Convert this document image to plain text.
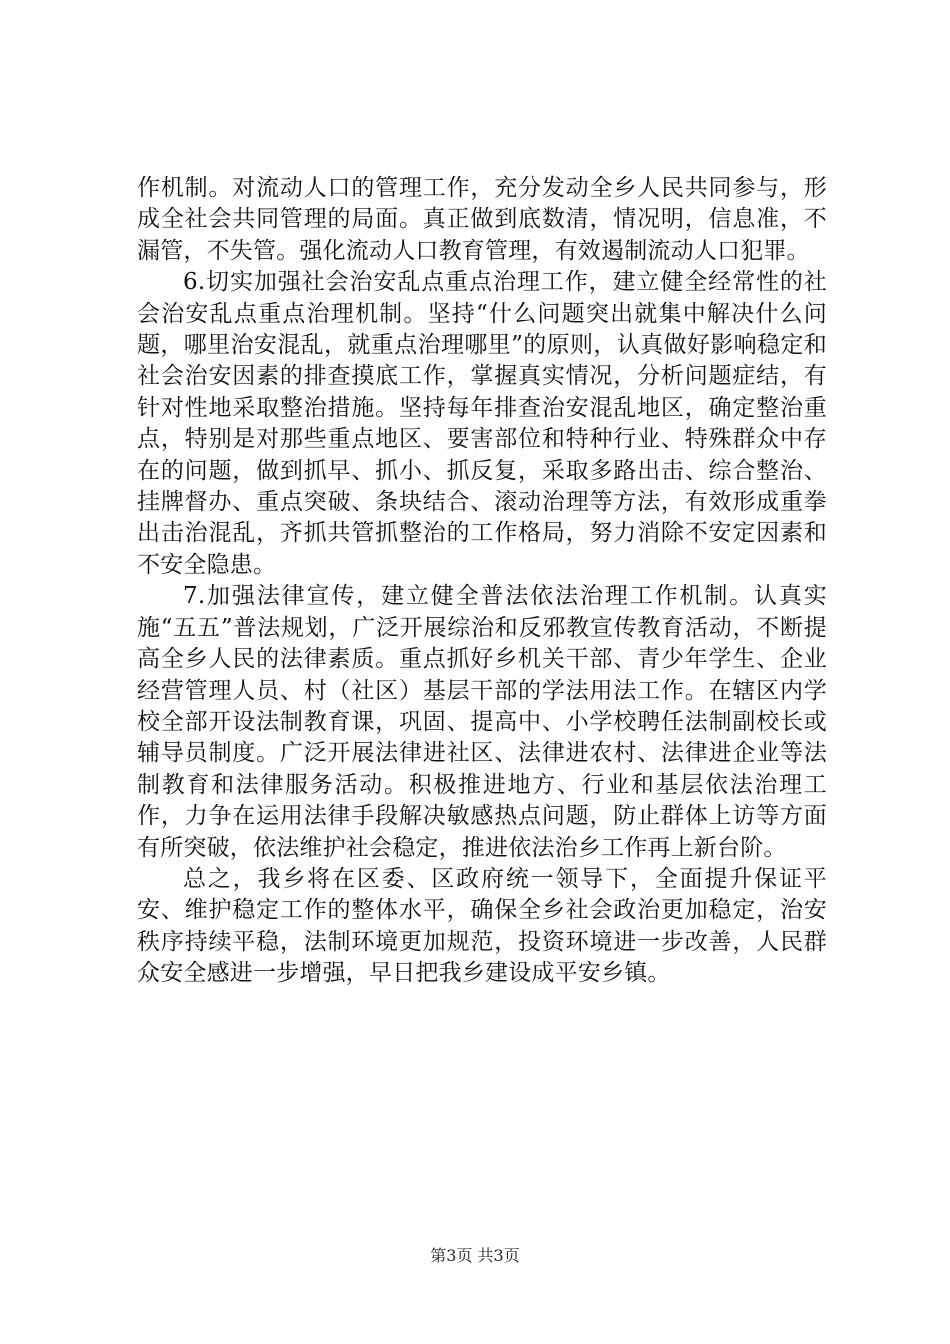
作机制。对流动人口的管理工作，充分发动全乡人民共同参与，形成全社会共同管理的局面。真正做到底数清，情况明，信息准，不漏管，不失管。强化流动人口教育管理，有效遏制流动人口犯罪。

6.切实加强社会治安乱点重点治理工作，建立健全经常性的社会治安乱点重点治理机制。坚持“什么问题突出就集中解决什么问题，哪里治安混乱，就重点治理哪里”的原则，认真做好影响稳定和社会治安因素的排查摸底工作，掌握真实情况，分析问题症结，有针对性地采取整治措施。坚持每年排查治安混乱地区，确定整治重点，特别是对那些重点地区、要害部位和特种行业、特殊群众中存在的问题，做到抓早、抓小、抓反复，采取多路出击、综合整治、挂牌督办、重点突破、条块结合、滚动治理等方法，有效形成重拳出击治混乱，齐抓共管抓整治的工作格局，努力消除不安定因素和不安全隐患。

7.加强法律宣传，建立健全普法依法治理工作机制。认真实施“五五”普法规划，广泛开展综治和反邪教宣传教育活动，不断提高全乡人民的法律素质。重点抓好乡机关干部、青少年学生、企业经营管理人员、村（社区）基层干部的学法用法工作。在辖区内学校全部开设法制教育课，巩固、提高中、小学校聘任法制副校长或辅导员制度。广泛开展法律进社区、法律进农村、法律进企业等法制教育和法律服务活动。积极推进地方、行业和基层依法治理工作，力争在运用法律手段解决敏感热点问题，防止群体上访等方面有所突破，依法维护社会稳定，推进依法治乡工作再上新台阶。

总之，我乡将在区委、区政府统一领导下，全面提升保证平安、维护稳定工作的整体水平，确保全乡社会政治更加稳定，治安秩序持续平稳，法制环境更加规范，投资环境进一步改善，人民群众安全感进一步增强，早日把我乡建设成平安乡镇。

第3页 共3页
